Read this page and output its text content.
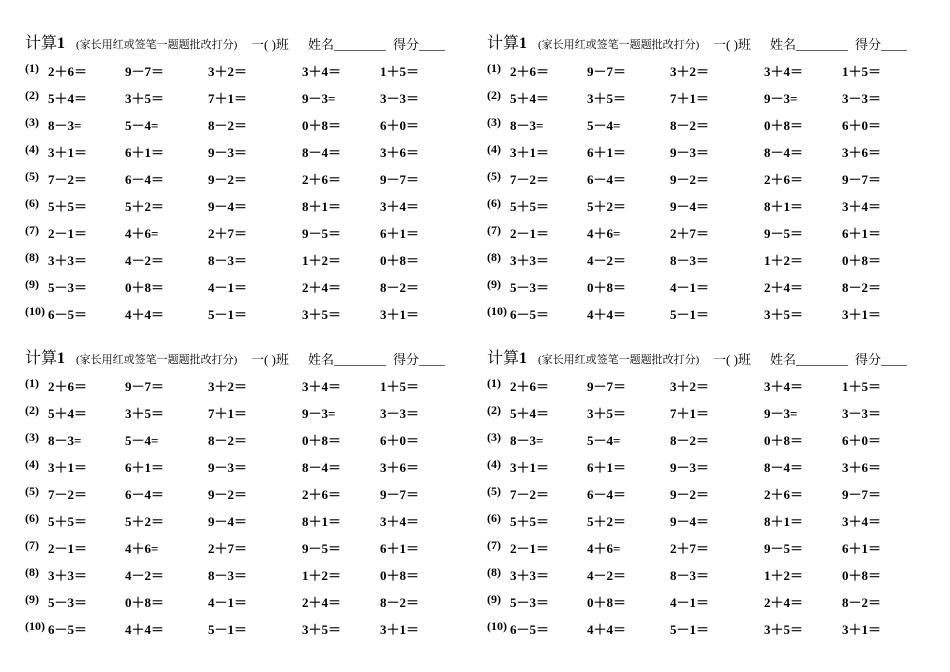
计算1 (家长用红或签笔一题题批改打分) 一( )班 姓名________ 得分____
(1) 2＋6＝	9－7＝	3＋2＝	3＋4＝	1＋5＝
(2) 5＋4＝	3＋5＝	7＋1＝	9－3=	3－3＝
(3) 8－3=	5－4=	8－2＝	0＋8＝	6＋0＝
(4) 3＋1＝	6＋1＝	9－3＝	8－4＝	3＋6＝
(5) 7－2＝	6－4＝	9－2＝	2＋6＝	9－7＝
(6) 5＋5＝	5＋2＝	9－4＝	8＋1＝	3＋4＝
(7) 2－1＝	4＋6=	2＋7＝	9－5＝	6＋1＝
(8) 3＋3＝	4－2＝	8－3＝	1＋2＝	0＋8＝
(9) 5－3＝	0＋8＝	4－1＝	2＋4＝	8－2＝
(10) 6－5＝	4＋4＝	5－1＝	3＋5＝	3＋1＝
计算1 (家长用红或签笔一题题批改打分) 一( )班 姓名________ 得分____
(1) 2＋6＝	9－7＝	3＋2＝	3＋4＝	1＋5＝
(2) 5＋4＝	3＋5＝	7＋1＝	9－3=	3－3＝
(3) 8－3=	5－4=	8－2＝	0＋8＝	6＋0＝
(4) 3＋1＝	6＋1＝	9－3＝	8－4＝	3＋6＝
(5) 7－2＝	6－4＝	9－2＝	2＋6＝	9－7＝
(6) 5＋5＝	5＋2＝	9－4＝	8＋1＝	3＋4＝
(7) 2－1＝	4＋6=	2＋7＝	9－5＝	6＋1＝
(8) 3＋3＝	4－2＝	8－3＝	1＋2＝	0＋8＝
(9) 5－3＝	0＋8＝	4－1＝	2＋4＝	8－2＝
(10) 6－5＝	4＋4＝	5－1＝	3＋5＝	3＋1＝
计算1 (家长用红或签笔一题题批改打分) 一( )班 姓名________ 得分____
(1) 2＋6＝	9－7＝	3＋2＝	3＋4＝	1＋5＝
(2) 5＋4＝	3＋5＝	7＋1＝	9－3=	3－3＝
(3) 8－3=	5－4=	8－2＝	0＋8＝	6＋0＝
(4) 3＋1＝	6＋1＝	9－3＝	8－4＝	3＋6＝
(5) 7－2＝	6－4＝	9－2＝	2＋6＝	9－7＝
(6) 5＋5＝	5＋2＝	9－4＝	8＋1＝	3＋4＝
(7) 2－1＝	4＋6=	2＋7＝	9－5＝	6＋1＝
(8) 3＋3＝	4－2＝	8－3＝	1＋2＝	0＋8＝
(9) 5－3＝	0＋8＝	4－1＝	2＋4＝	8－2＝
(10) 6－5＝	4＋4＝	5－1＝	3＋5＝	3＋1＝
计算1 (家长用红或签笔一题题批改打分) 一( )班 姓名________ 得分____
(1) 2＋6＝	9－7＝	3＋2＝	3＋4＝	1＋5＝
(2) 5＋4＝	3＋5＝	7＋1＝	9－3=	3－3＝
(3) 8－3=	5－4=	8－2＝	0＋8＝	6＋0＝
(4) 3＋1＝	6＋1＝	9－3＝	8－4＝	3＋6＝
(5) 7－2＝	6－4＝	9－2＝	2＋6＝	9－7＝
(6) 5＋5＝	5＋2＝	9－4＝	8＋1＝	3＋4＝
(7) 2－1＝	4＋6=	2＋7＝	9－5＝	6＋1＝
(8) 3＋3＝	4－2＝	8－3＝	1＋2＝	0＋8＝
(9) 5－3＝	0＋8＝	4－1＝	2＋4＝	8－2＝
(10) 6－5＝	4＋4＝	5－1＝	3＋5＝	3＋1＝
